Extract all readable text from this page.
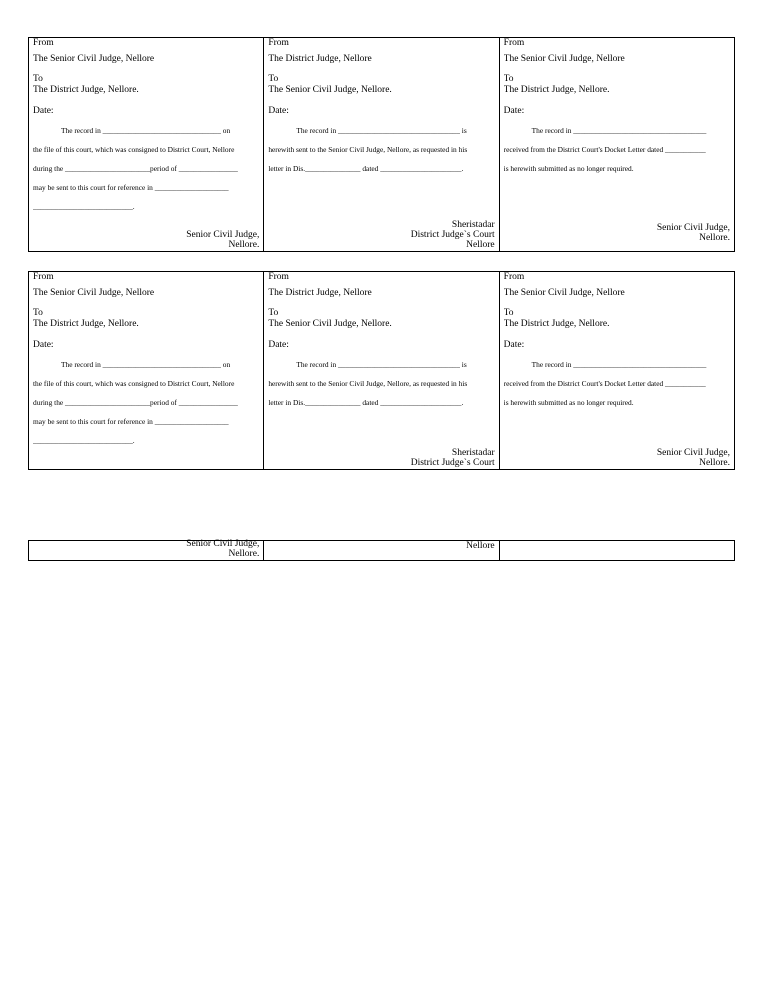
From
The Senior Civil Judge, Nellore
To
The District Judge, Nellore.
Date:
The record in ________________________________ on
the file of this court, which was consigned to District Court, Nellore
during the _______________________period of ________________
may be sent to this court for reference in ____________________
___________________________.
Senior Civil Judge,
Nellore.
From
The District Judge, Nellore
To
The Senior Civil Judge, Nellore.
Date:
The record in _________________________________ is
herewith sent to the Senior Civil Judge, Nellore, as requested in his
letter in Dis._______________ dated ______________________.
Sheristadar
District Judge`s Court
Nellore
From
The Senior Civil Judge, Nellore
To
The District Judge, Nellore.
Date:
The record in ____________________________________
received from the District Court's Docket Letter dated ___________
is herewith submitted as no longer required.
Senior Civil Judge,
Nellore.
From
The Senior Civil Judge, Nellore
To
The District Judge, Nellore.
Date:
The record in ________________________________ on
the file of this court, which was consigned to District Court, Nellore
during the _______________________period of ________________
may be sent to this court for reference in ____________________
___________________________.
From
The District Judge, Nellore
To
The Senior Civil Judge, Nellore.
Date:
The record in _________________________________ is
herewith sent to the Senior Civil Judge, Nellore, as requested in his
letter in Dis._______________ dated ______________________.
Sheristadar
District Judge`s Court
From
The Senior Civil Judge, Nellore
To
The District Judge, Nellore.
Date:
The record in ____________________________________
received from the District Court's Docket Letter dated ___________
is herewith submitted as no longer required.
Senior Civil Judge,
Nellore.
Senior Civil Judge,
Nellore.
Nellore
